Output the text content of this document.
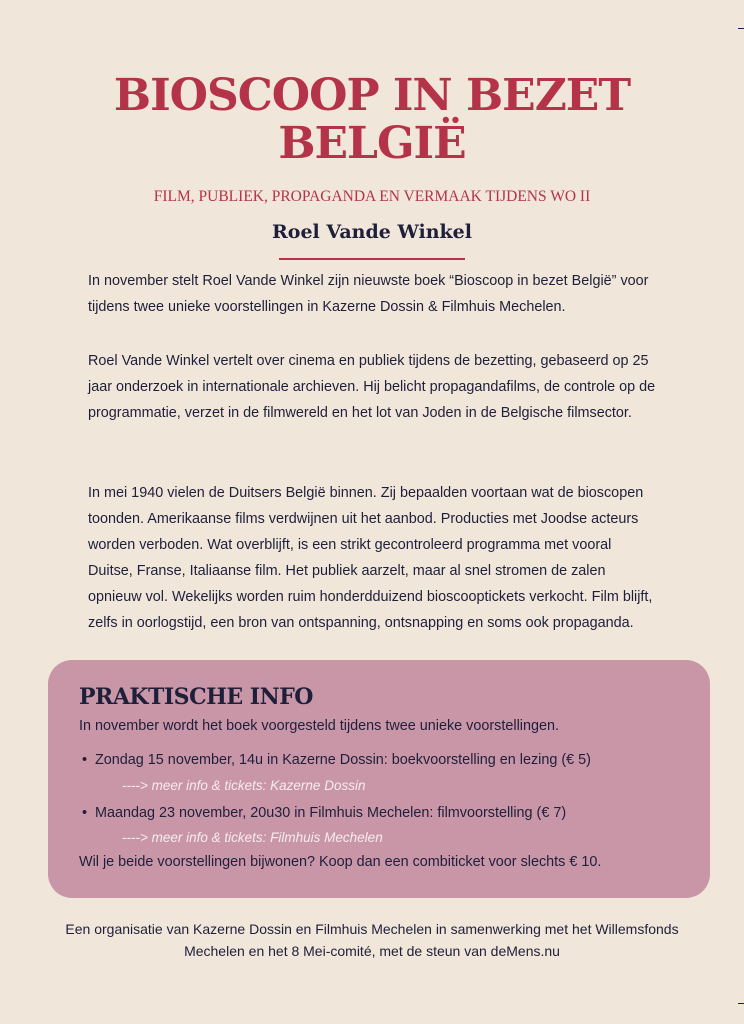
BIOSCOOP IN BEZET
BELGIË
FILM, PUBLIEK, PROPAGANDA EN VERMAAK TIJDENS WO II
Roel Vande Winkel

In november stelt Roel Vande Winkel zijn nieuwste boek “Bioscoop in bezet België” voor tijdens twee unieke voorstellingen in Kazerne Dossin & Filmhuis Mechelen.

Roel Vande Winkel vertelt over cinema en publiek tijdens de bezetting, gebaseerd op 25 jaar onderzoek in internationale archieven. Hij belicht propagandafilms, de controle op de programmatie, verzet in de filmwereld en het lot van Joden in de Belgische filmsector.

In mei 1940 vielen de Duitsers België binnen. Zij bepaalden voortaan wat de bioscopen toonden. Amerikaanse films verdwijnen uit het aanbod. Producties met Joodse acteurs worden verboden. Wat overblijft, is een strikt gecontroleerd programma met vooral Duitse, Franse, Italiaanse film. Het publiek aarzelt, maar al snel stromen de zalen opnieuw vol. Wekelijks worden ruim honderdduizend bioscooptickets verkocht. Film blijft, zelfs in oorlogstijd, een bron van ontspanning, ontsnapping en soms ook propaganda.

PRAKTISCHE INFO
In november wordt het boek voorgesteld tijdens twee unieke voorstellingen.
• Zondag 15 november, 14u in Kazerne Dossin: boekvoorstelling en lezing (€ 5)
----> meer info & tickets: Kazerne Dossin
• Maandag 23 november, 20u30 in Filmhuis Mechelen: filmvoorstelling (€ 7)
----> meer info & tickets: Filmhuis Mechelen
Wil je beide voorstellingen bijwonen? Koop dan een combiticket voor slechts € 10.
Een organisatie van Kazerne Dossin en Filmhuis Mechelen in samenwerking met het Willemsfonds
Mechelen en het 8 Mei-comité, met de steun van deMens.nu
